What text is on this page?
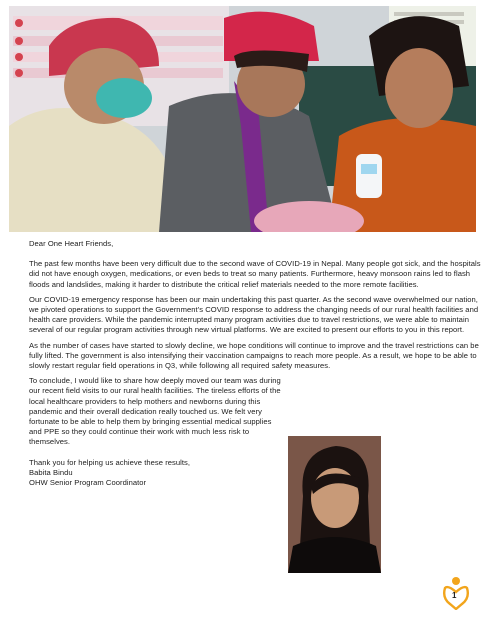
Dear One Heart Friends,

The past few months have been very difficult due to the second wave of COVID-19 in Nepal. Many people got sick, and the hospitals did not have enough oxygen, medications, or even beds to treat so many patients. Furthermore, heavy monsoon rains led to flash floods and landslides, making it harder to distribute the critical relief materials needed to the more remote facilities.

Our COVID-19 emergency response has been our main undertaking this past quarter. As the second wave overwhelmed our nation, we pivoted operations to support the Government’s COVID response to address the changing needs of our rural health facilities and health care providers. While the pandemic interrupted many program activities due to travel restrictions, we were able to maintain several of our regular program activities through new virtual platforms. We are excited to present our efforts to you in this report.

As the number of cases have started to slowly decline, we hope conditions will continue to improve and the travel restrictions can be fully lifted. The government is also intensifying their vaccination campaigns to reach more people. As a result, we hope to be able to slowly restart regular field operations in Q3, while following all required safety measures.

To conclude, I would like to share how deeply moved our team was during our recent field visits to our rural health facilities. The tireless efforts of the local healthcare providers to help mothers and newborns during this pandemic and their overall dedication really touched us. We felt very fortunate to be able to help them by bringing essential medical supplies and PPE so they could continue their work with much less risk to themselves.

Thank you for helping us achieve these results,
Babita Bindu
OHW Senior Program Coordinator
1
